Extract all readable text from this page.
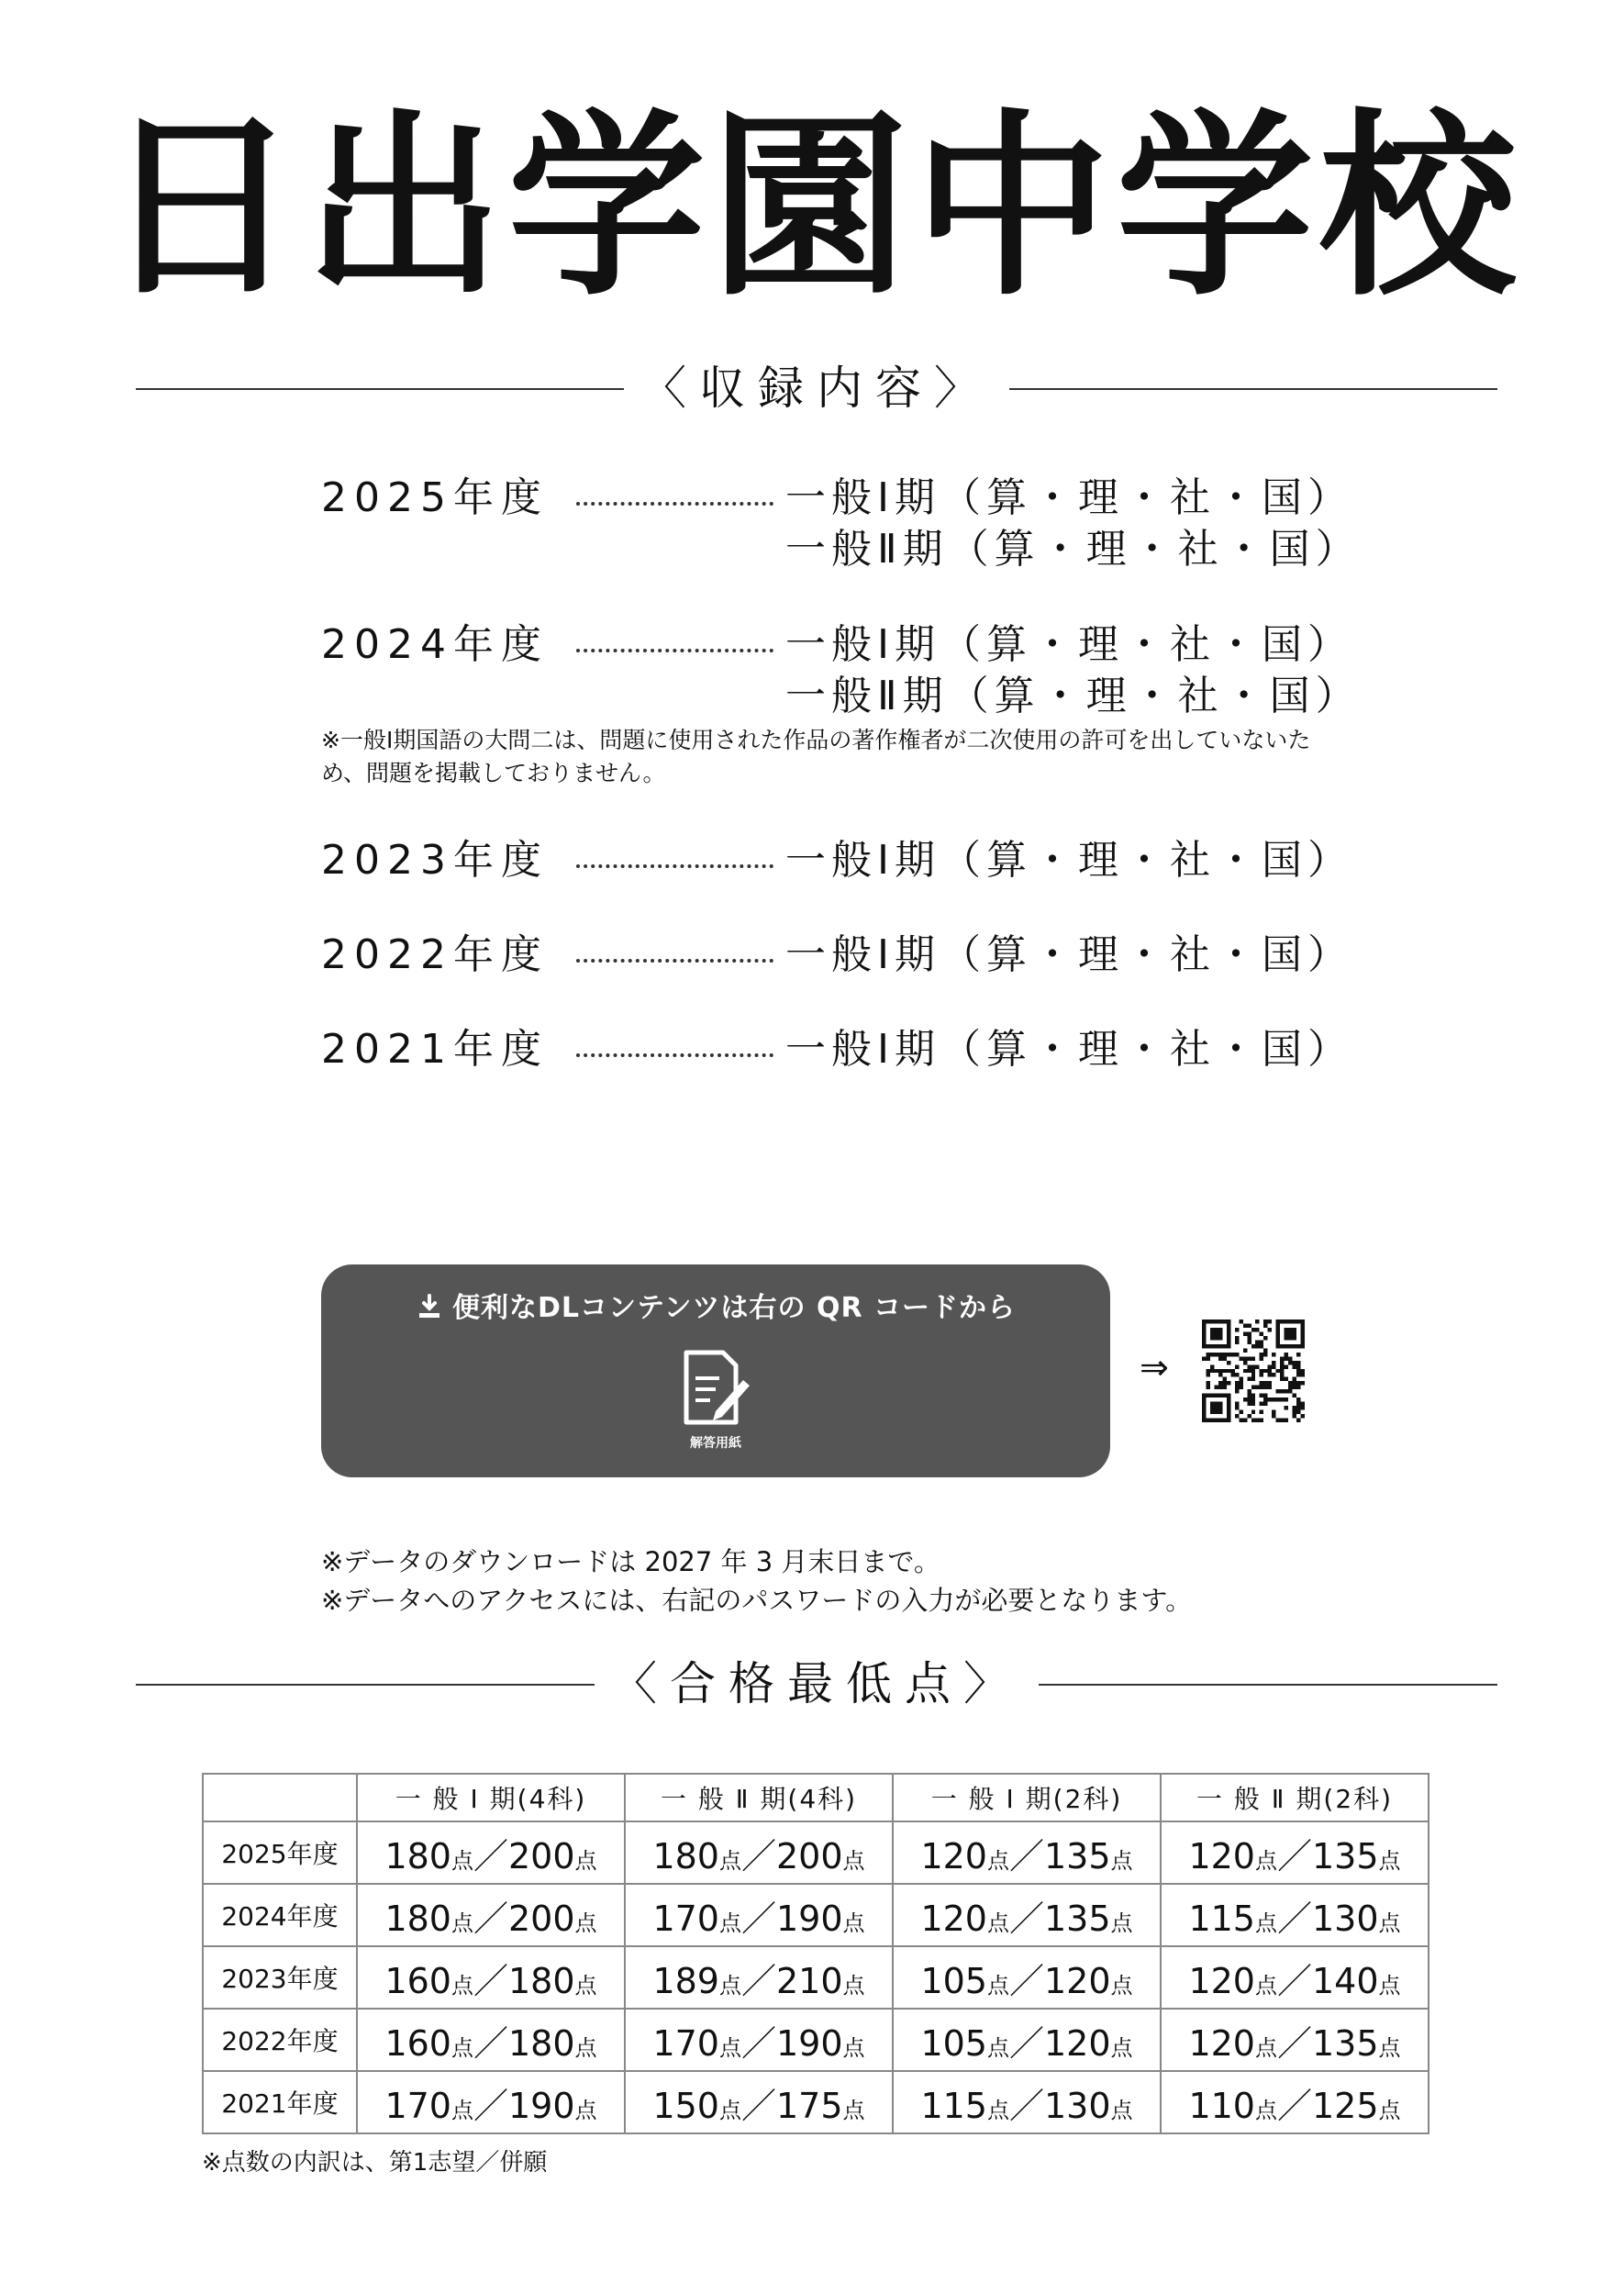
日出学園中学校
〈収録内容〉
2025年度	一般Ⅰ期（算・理・社・国）
一般Ⅱ期（算・理・社・国）
2024年度	一般Ⅰ期（算・理・社・国）
一般Ⅱ期（算・理・社・国）
※一般Ⅰ期国語の大問二は、問題に使用された作品の著作権者が二次使用の許可を出していないため、問題を掲載しておりません。
2023年度	一般Ⅰ期（算・理・社・国）
2022年度	一般Ⅰ期（算・理・社・国）
2021年度	一般Ⅰ期（算・理・社・国）
便利なDLコンテンツは右の QR コードから
解答用紙
⇒
※データのダウンロードは 2027 年 3 月末日まで。
※データへのアクセスには、右記のパスワードの入力が必要となります。
〈合格最低点〉
	一 般 Ⅰ 期(4科)	一 般 Ⅱ 期(4科)	一 般 Ⅰ 期(2科)	一 般 Ⅱ 期(2科)
2025年度	180点／200点	180点／200点	120点／135点	120点／135点
2024年度	180点／200点	170点／190点	120点／135点	115点／130点
2023年度	160点／180点	189点／210点	105点／120点	120点／140点
2022年度	160点／180点	170点／190点	105点／120点	120点／135点
2021年度	170点／190点	150点／175点	115点／130点	110点／125点
※点数の内訳は、第1志望／併願
